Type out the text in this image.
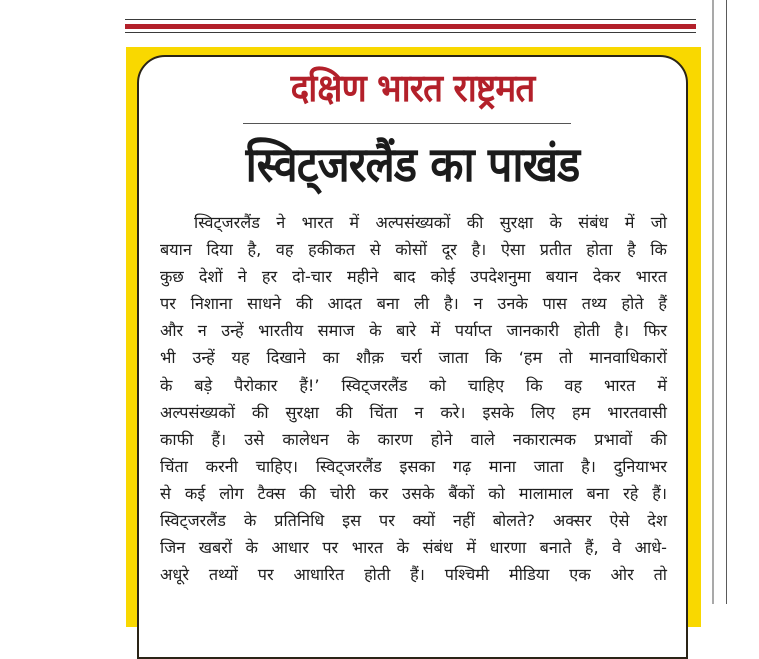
दक्षिण भारत राष्ट्रमत
स्विट्जरलैंड का पाखंड
स्विट्जरलैंड ने भारत में अल्पसंख्यकों की सुरक्षा के संबंध में जो
बयान दिया है, वह हकीकत से कोसों दूर है। ऐसा प्रतीत होता है कि
कुछ देशों ने हर दो-चार महीने बाद कोई उपदेशनुमा बयान देकर भारत
पर निशाना साधने की आदत बना ली है। न उनके पास तथ्य होते हैं
और न उन्हें भारतीय समाज के बारे में पर्याप्त जानकारी होती है। फिर
भी उन्हें यह दिखाने का शौक़ चर्रा जाता कि ‘हम तो मानवाधिकारों
के बड़े पैरोकार हैं!’ स्विट्जरलैंड को चाहिए कि वह भारत में
अल्पसंख्यकों की सुरक्षा की चिंता न करे। इसके लिए हम भारतवासी
काफी हैं। उसे कालेधन के कारण होने वाले नकारात्मक प्रभावों की
चिंता करनी चाहिए। स्विट्जरलैंड इसका गढ़ माना जाता है। दुनियाभर
से कई लोग टैक्स की चोरी कर उसके बैंकों को मालामाल बना रहे हैं।
स्विट्जरलैंड के प्रतिनिधि इस पर क्यों नहीं बोलते? अक्सर ऐसे देश
जिन खबरों के आधार पर भारत के संबंध में धारणा बनाते हैं, वे आधे-
अधूरे तथ्यों पर आधारित होती हैं। पश्चिमी मीडिया एक ओर तो
